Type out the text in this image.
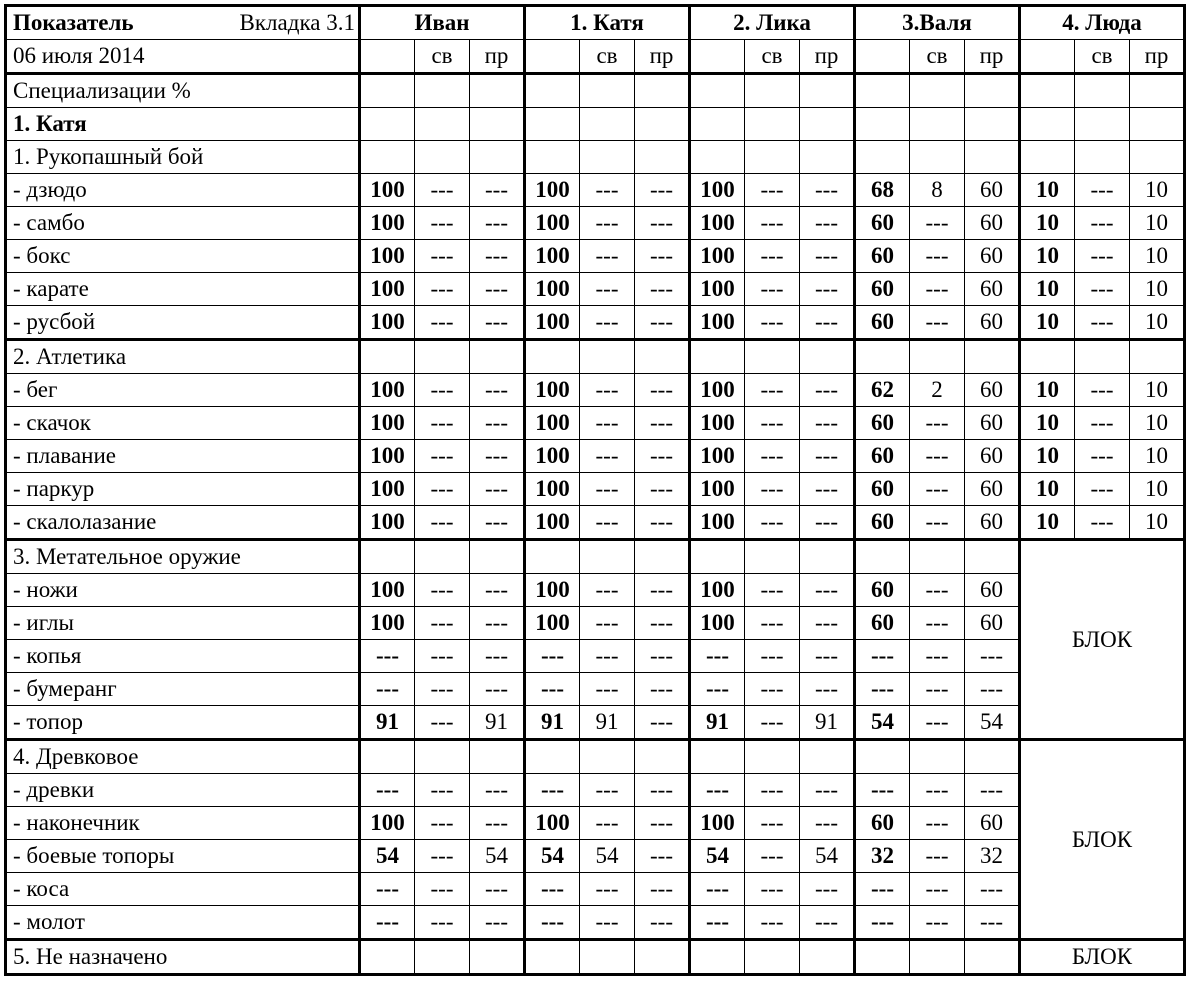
Показатель Вкладка 3.1	Иван			1. Катя			2. Лика			3.Валя			4. Люда		
06 июля 2014		св	пр		св	пр		св	пр		св	пр		св	пр
Специализации %															
1. Катя															
1. Рукопашный бой															
- дзюдо	100	---	---	100	---	---	100	---	---	68	8	60	10	---	10
- самбо	100	---	---	100	---	---	100	---	---	60	---	60	10	---	10
- бокс	100	---	---	100	---	---	100	---	---	60	---	60	10	---	10
- карате	100	---	---	100	---	---	100	---	---	60	---	60	10	---	10
- русбой	100	---	---	100	---	---	100	---	---	60	---	60	10	---	10
2. Атлетика															
- бег	100	---	---	100	---	---	100	---	---	62	2	60	10	---	10
- скачок	100	---	---	100	---	---	100	---	---	60	---	60	10	---	10
- плавание	100	---	---	100	---	---	100	---	---	60	---	60	10	---	10
- паркур	100	---	---	100	---	---	100	---	---	60	---	60	10	---	10
- скалолазание	100	---	---	100	---	---	100	---	---	60	---	60	10	---	10
3. Метательное оружие													БЛОК		
- ножи	100	---	---	100	---	---	100	---	---	60	---	60			
- иглы	100	---	---	100	---	---	100	---	---	60	---	60			
- копья	---	---	---	---	---	---	---	---	---	---	---	---			
- бумеранг	---	---	---	---	---	---	---	---	---	---	---	---			
- топор	91	---	91	91	91	---	91	---	91	54	---	54			
4. Древковое													БЛОК		
- древки	---	---	---	---	---	---	---	---	---	---	---	---			
- наконечник	100	---	---	100	---	---	100	---	---	60	---	60			
- боевые топоры	54	---	54	54	54	---	54	---	54	32	---	32			
- коса	---	---	---	---	---	---	---	---	---	---	---	---			
- молот	---	---	---	---	---	---	---	---	---	---	---	---			
5. Не назначено													БЛОК		
